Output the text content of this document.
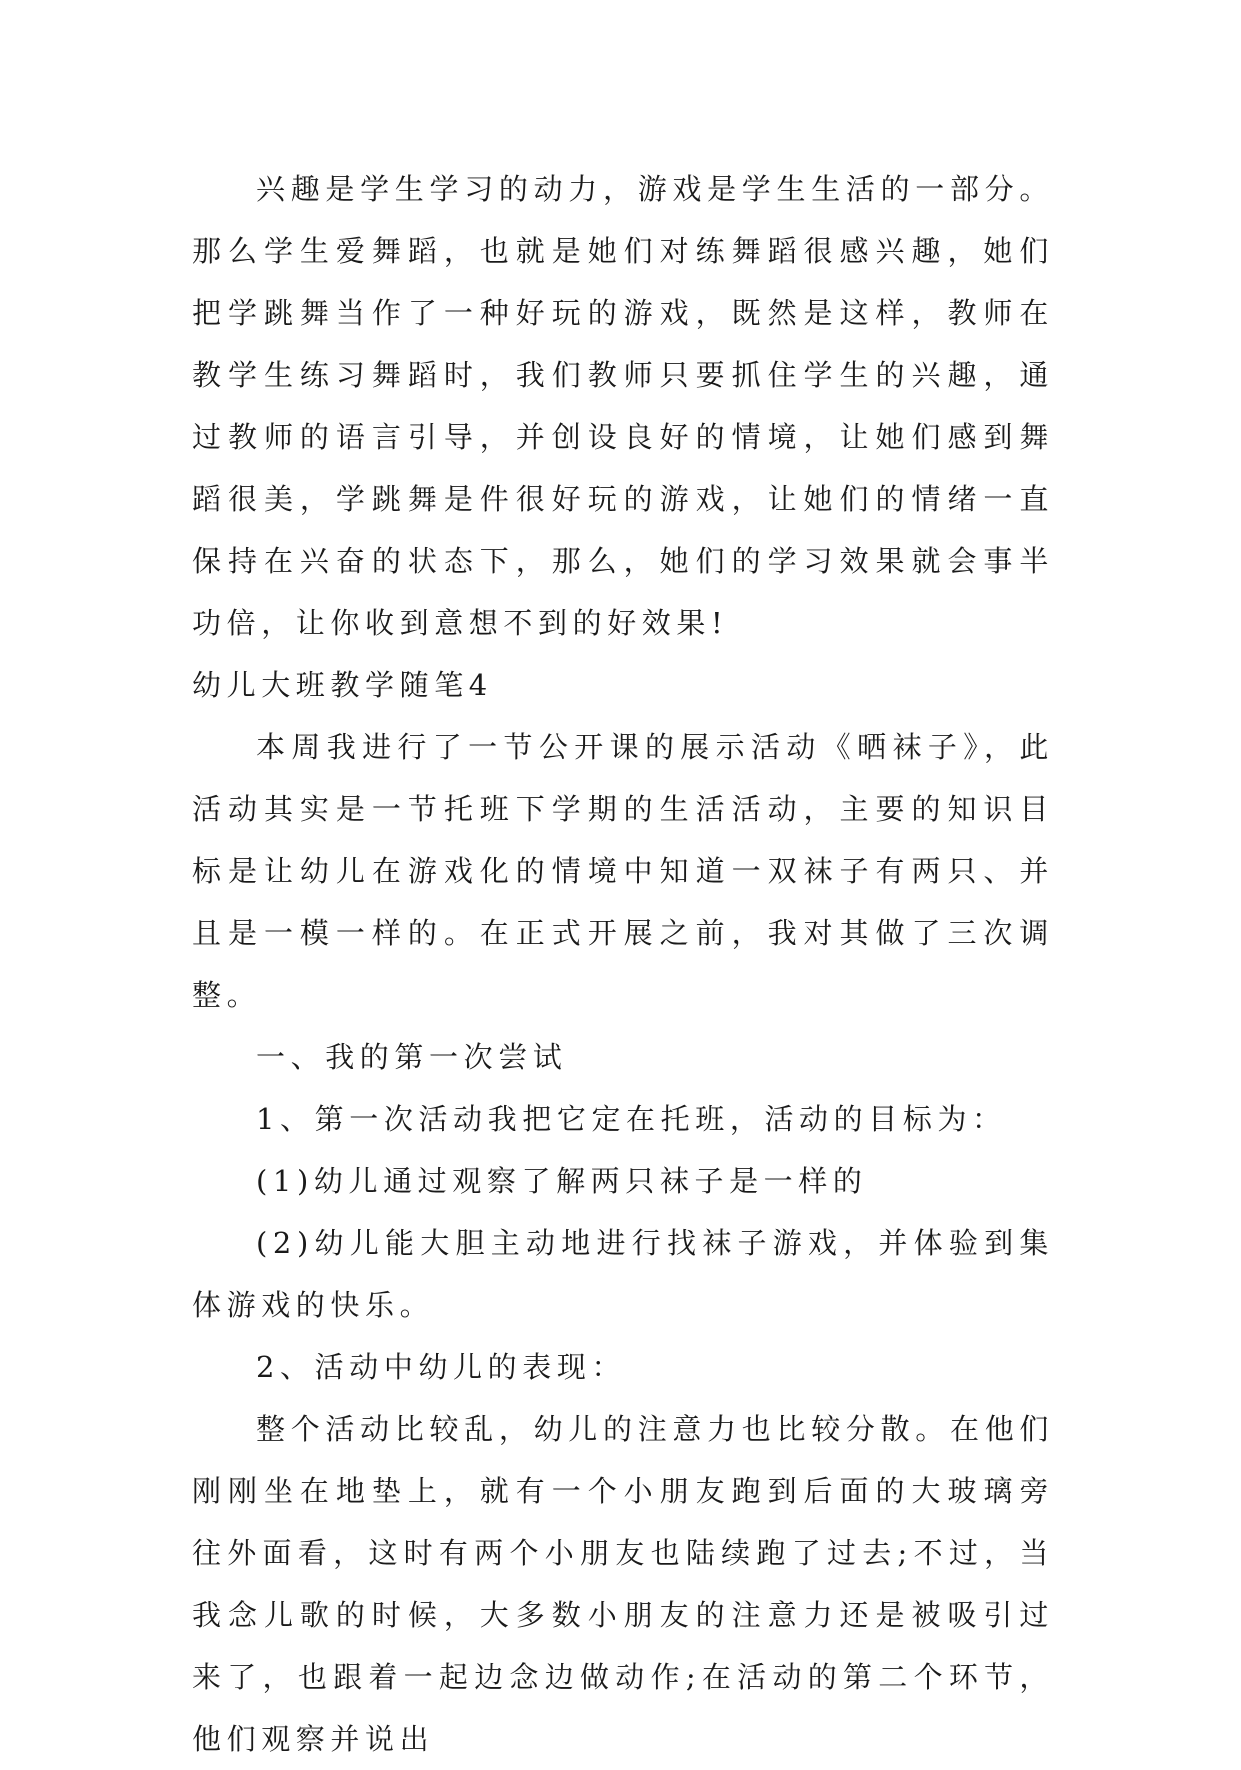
兴趣是学生学习的动力，游戏是学生生活的一部分。那么学生爱舞蹈，也就是她们对练舞蹈很感兴趣，她们把学跳舞当作了一种好玩的游戏，既然是这样，教师在教学生练习舞蹈时，我们教师只要抓住学生的兴趣，通过教师的语言引导，并创设良好的情境，让她们感到舞蹈很美，学跳舞是件很好玩的游戏，让她们的情绪一直保持在兴奋的状态下，那么，她们的学习效果就会事半功倍，让你收到意想不到的好效果!

幼儿大班教学随笔4

本周我进行了一节公开课的展示活动《晒袜子》，此活动其实是一节托班下学期的生活活动，主要的知识目标是让幼儿在游戏化的情境中知道一双袜子有两只、并且是一模一样的。在正式开展之前，我对其做了三次调整。

一、我的第一次尝试

1、第一次活动我把它定在托班，活动的目标为：

(1)幼儿通过观察了解两只袜子是一样的

(2)幼儿能大胆主动地进行找袜子游戏，并体验到集体游戏的快乐。

2、活动中幼儿的表现：

整个活动比较乱，幼儿的注意力也比较分散。在他们刚刚坐在地垫上，就有一个小朋友跑到后面的大玻璃旁往外面看，这时有两个小朋友也陆续跑了过去;不过，当我念儿歌的时候，大多数小朋友的注意力还是被吸引过来了，也跟着一起边念边做动作;在活动的第二个环节，他们观察并说出
